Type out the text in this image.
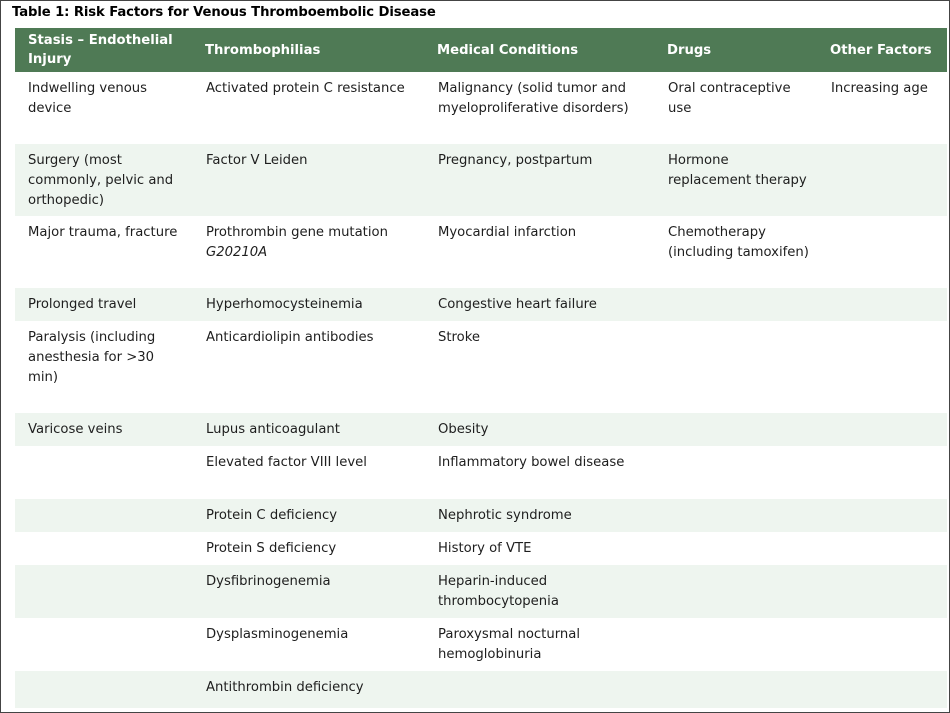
Table 1: Risk Factors for Venous Thromboembolic Disease
Stasis – Endothelial Injury	Thrombophilias	Medical Conditions	Drugs	Other Factors
Indwelling venous device	Activated protein C resistance	Malignancy (solid tumor and myeloproliferative disorders)	Oral contraceptive use	Increasing age
Surgery (most commonly, pelvic and orthopedic)	Factor V Leiden	Pregnancy, postpartum	Hormone replacement therapy	
Major trauma, fracture	Prothrombin gene mutation G20210A	Myocardial infarction	Chemotherapy (including tamoxifen)	
Prolonged travel	Hyperhomocysteinemia	Congestive heart failure		
Paralysis (including anesthesia for >30 min)	Anticardiolipin antibodies	Stroke		
Varicose veins	Lupus anticoagulant	Obesity		
	Elevated factor VIII level	Inflammatory bowel disease		
	Protein C deficiency	Nephrotic syndrome		
	Protein S deficiency	History of VTE		
	Dysfibrinogenemia	Heparin-induced thrombocytopenia		
	Dysplasminogenemia	Paroxysmal nocturnal hemoglobinuria		
	Antithrombin deficiency			
